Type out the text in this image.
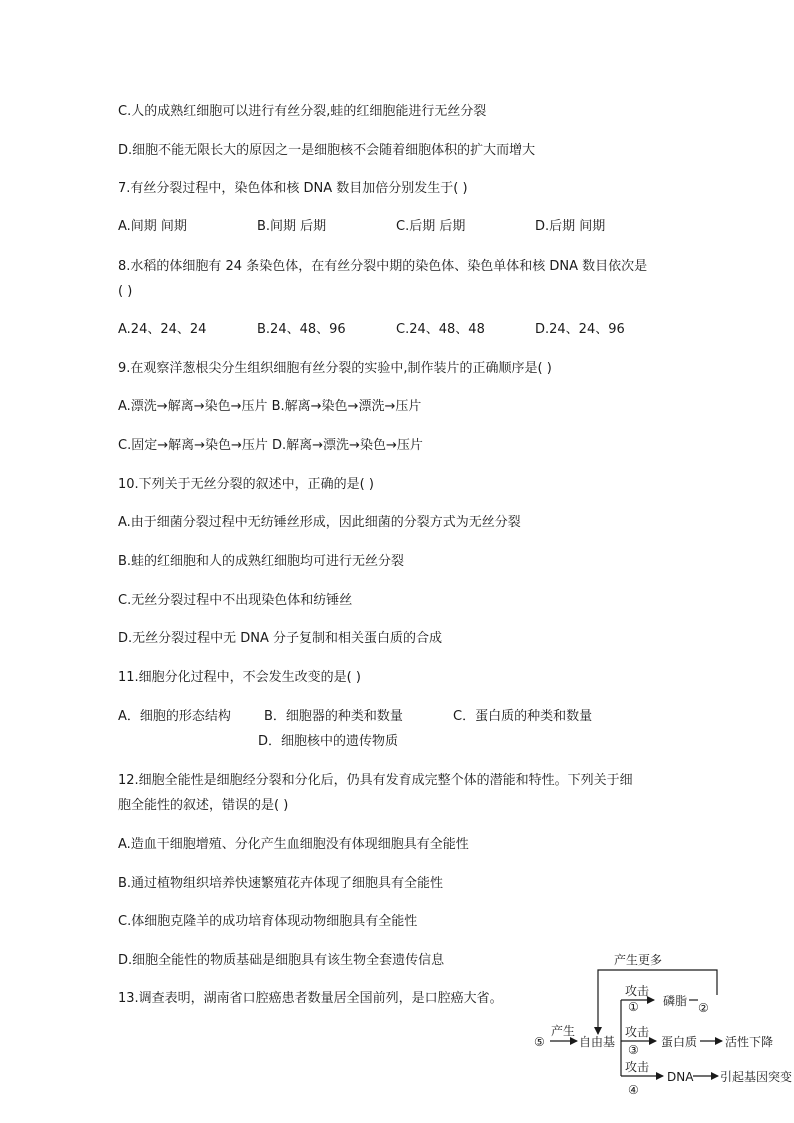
C.人的成熟红细胞可以进行有丝分裂,蛙的红细胞能进行无丝分裂
D.细胞不能无限长大的原因之一是细胞核不会随着细胞体积的扩大而增大
7.有丝分裂过程中，染色体和核 DNA 数目加倍分别发生于( )
A.间期 间期	B.间期 后期	C.后期 后期	D.后期 间期
8.水稻的体细胞有 24 条染色体，在有丝分裂中期的染色体、染色单体和核 DNA 数目依次是
( )
A.24、24、24	B.24、48、96	C.24、48、48	D.24、24、96
9.在观察洋葱根尖分生组织细胞有丝分裂的实验中,制作装片的正确顺序是( )
A.漂洗→解离→染色→压片 B.解离→染色→漂洗→压片
C.固定→解离→染色→压片 D.解离→漂洗→染色→压片
10.下列关于无丝分裂的叙述中，正确的是( )
A.由于细菌分裂过程中无纺锤丝形成，因此细菌的分裂方式为无丝分裂
B.蛙的红细胞和人的成熟红细胞均可进行无丝分裂
C.无丝分裂过程中不出现染色体和纺锤丝
D.无丝分裂过程中无 DNA 分子复制和相关蛋白质的合成
11.细胞分化过程中，不会发生改变的是( )
A．细胞的形态结构	B．细胞器的种类和数量	C．蛋白质的种类和数量
D．细胞核中的遗传物质
12.细胞全能性是细胞经分裂和分化后，仍具有发育成完整个体的潜能和特性。下列关于细
胞全能性的叙述，错误的是( )
A.造血干细胞增殖、分化产生血细胞没有体现细胞具有全能性
B.通过植物组织培养快速繁殖花卉体现了细胞具有全能性
C.体细胞克隆羊的成功培育体现动物细胞具有全能性
D.细胞全能性的物质基础是细胞具有该生物全套遗传信息
13.调查表明，湖南省口腔癌患者数量居全国前列，是口腔癌大省。
产生更多
⑤
产生
自由基
攻击
① 磷脂 ②
攻击
③
蛋白质 活性下降
攻击
④
DNA 引起基因突变
